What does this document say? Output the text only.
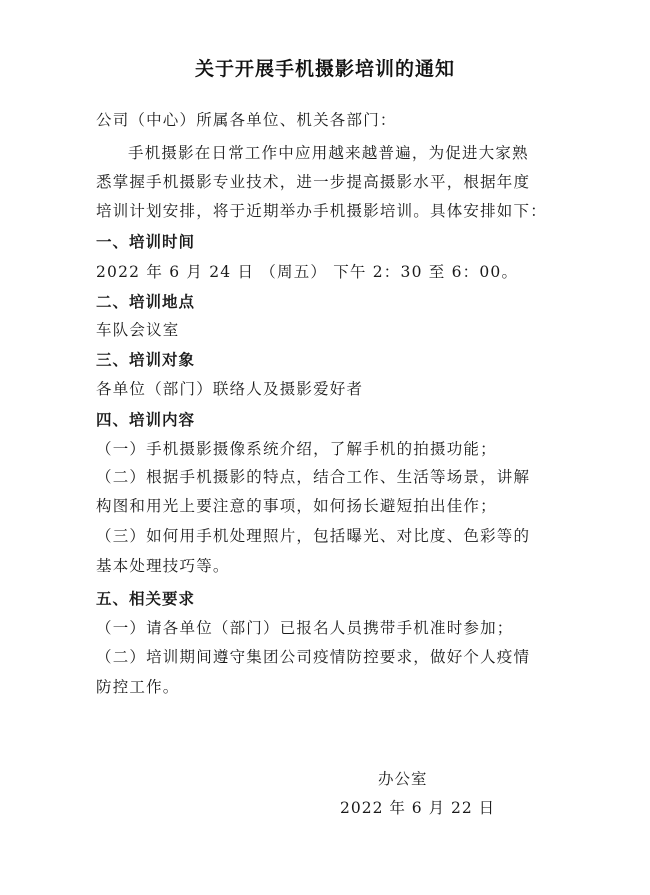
关于开展手机摄影培训的通知
公司（中心）所属各单位、机关各部门：
手机摄影在日常工作中应用越来越普遍，为促进大家熟
悉掌握手机摄影专业技术，进一步提高摄影水平，根据年度
培训计划安排，将于近期举办手机摄影培训。具体安排如下：
一、培训时间
2022 年 6 月 24 日 （周五） 下午 2：30 至 6：00。
二、培训地点
车队会议室
三、培训对象
各单位（部门）联络人及摄影爱好者
四、培训内容
（一）手机摄影摄像系统介绍，了解手机的拍摄功能；
（二）根据手机摄影的特点，结合工作、生活等场景，讲解
构图和用光上要注意的事项，如何扬长避短拍出佳作；
（三）如何用手机处理照片，包括曝光、对比度、色彩等的
基本处理技巧等。
五、相关要求
（一）请各单位（部门）已报名人员携带手机准时参加；
（二）培训期间遵守集团公司疫情防控要求，做好个人疫情
防控工作。
办公室
2022 年 6 月 22 日
